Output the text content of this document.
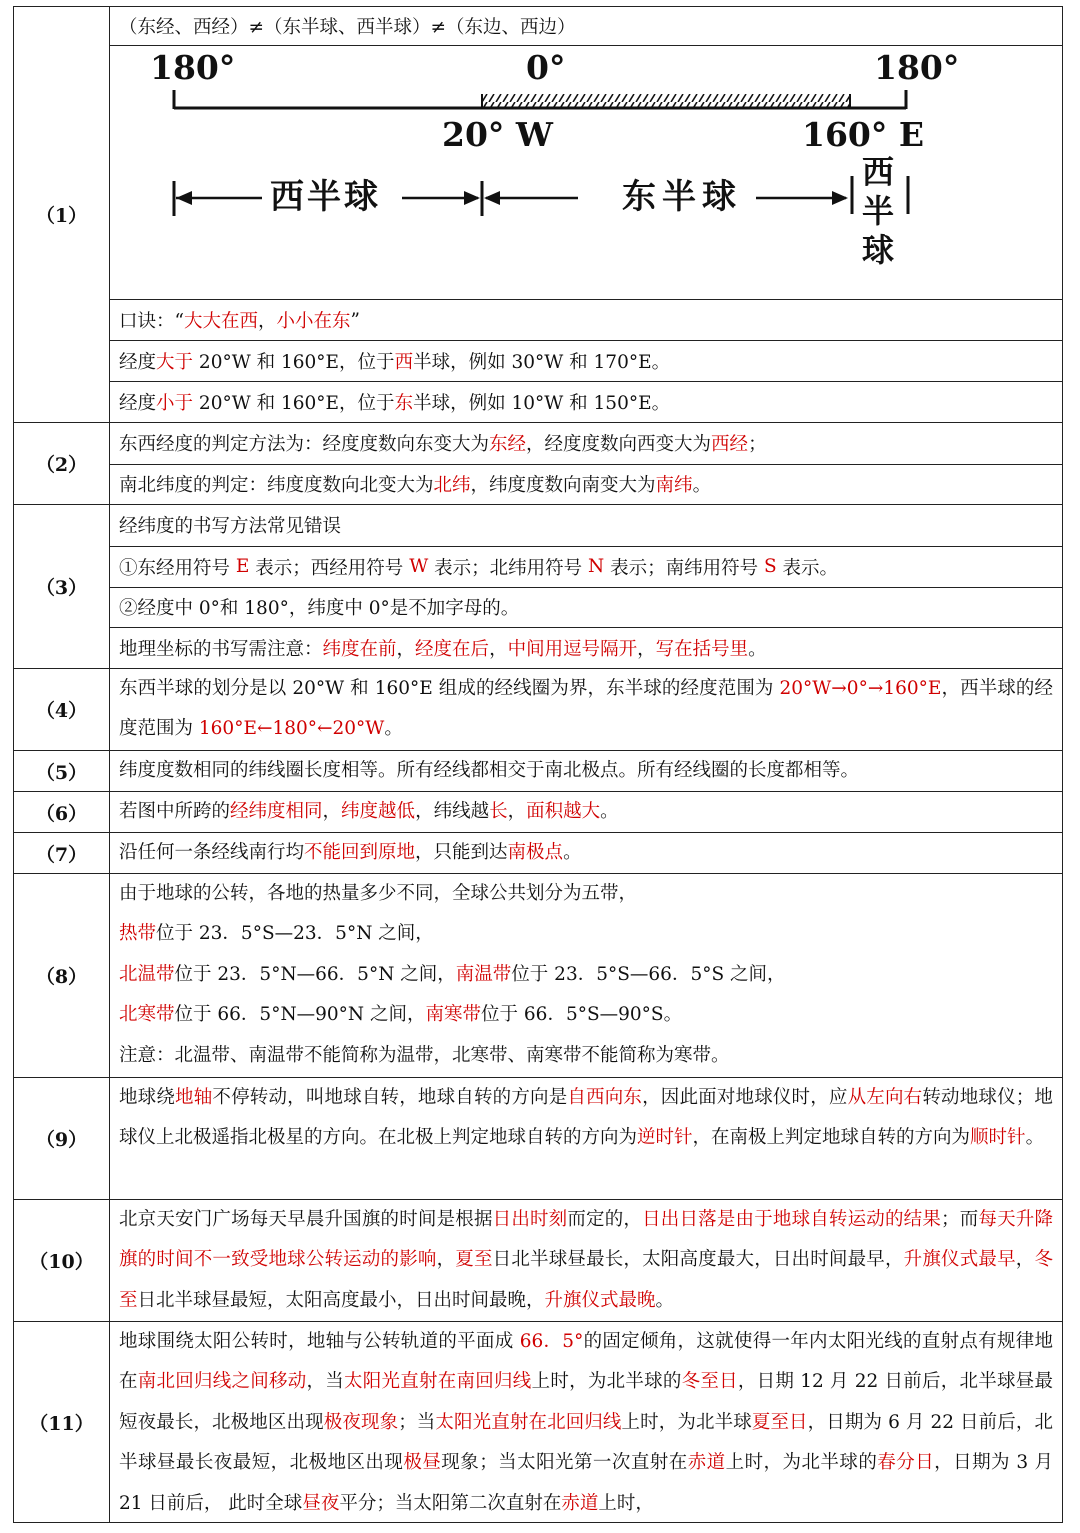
（1）
（东经、西经）≠（东半球、西半球）≠（东边、西边）
180°	0°	180°
20° W	160° E
西半球	东半球
西
半
球
口诀：“ 大大在西 ， 小小在东 ”
经度 大于 20°W 和 160°E，位于 西 半球，例如 30°W 和 170°E。
经度 小于 20°W 和 160°E，位于 东 半球，例如 10°W 和 150°E。
（2）
东西经度的判定方法为：经度度数向东变大为 东经 ，经度度数向西变大为 西经 ；
南北纬度的判定：纬度度数向北变大为 北纬 ，纬度度数向南变大为 南纬 。
（3）
经纬度的书写方法常见错误
①东经用符号 E 表示；西经用符号 W 表示；北纬用符号 N 表示；南纬用符号 S 表示。
②经度中 0°和 180°，纬度中 0°是不加字母的。
地理坐标的书写需注意： 纬度在前 ， 经度在后 ， 中间用逗号隔开 ， 写在括号里 。
（4）
东西半球的划分是以 20°W 和 160°E 组成的经线圈为界，东半球的经度范围为 20°W→0°→160°E，西半球的经度范围为 160°E←180°←20°W。
（5）	纬度度数相同的纬线圈长度相等。所有经线都相交于南北极点。所有经线圈的长度都相等。
（6）	若图中所跨的经纬度相同，纬度越低，纬线越长，面积越大。
（7）	沿任何一条经线南行均不能回到原地，只能到达南极点。
（8）
由于地球的公转，各地的热量多少不同，全球公共划分为五带，
热带位于 23．5°S—23．5°N 之间，
北温带位于 23．5°N—66．5°N 之间，南温带位于 23．5°S—66．5°S 之间，
北寒带位于 66．5°N—90°N 之间，南寒带位于 66．5°S—90°S。
注意：北温带、南温带不能简称为温带，北寒带、南寒带不能简称为寒带。
（9）
地球绕地轴不停转动，叫地球自转，地球自转的方向是自西向东，因此面对地球仪时，应从左向右转动地球仪；地球仪上北极遥指北极星的方向。在北极上判定地球自转的方向为逆时针，在南极上判定地球自转的方向为顺时针。
（10）
北京天安门广场每天早晨升国旗的时间是根据日出时刻而定的，日出日落是由于地球自转运动的结果；而每天升降旗的时间不一致受地球公转运动的影响，夏至日北半球昼最长，太阳高度最大，日出时间最早，升旗仪式最早，冬至日北半球昼最短，太阳高度最小，日出时间最晚，升旗仪式最晚。
（11）
地球围绕太阳公转时，地轴与公转轨道的平面成 66．5°的固定倾角，这就使得一年内太阳光线的直射点有规律地在南北回归线之间移动，当太阳光直射在南回归线上时，为北半球的冬至日，日期 12 月 22 日前后，北半球昼最短夜最长，北极地区出现极夜现象；当太阳光直射在北回归线上时，为北半球夏至日，日期为 6 月 22 日前后，北半球昼最长夜最短，北极地区出现极昼现象；当太阳光第一次直射在赤道上时，为北半球的春分日，日期为 3 月 21 日前后， 此时全球昼夜平分；当太阳第二次直射在赤道上时，
